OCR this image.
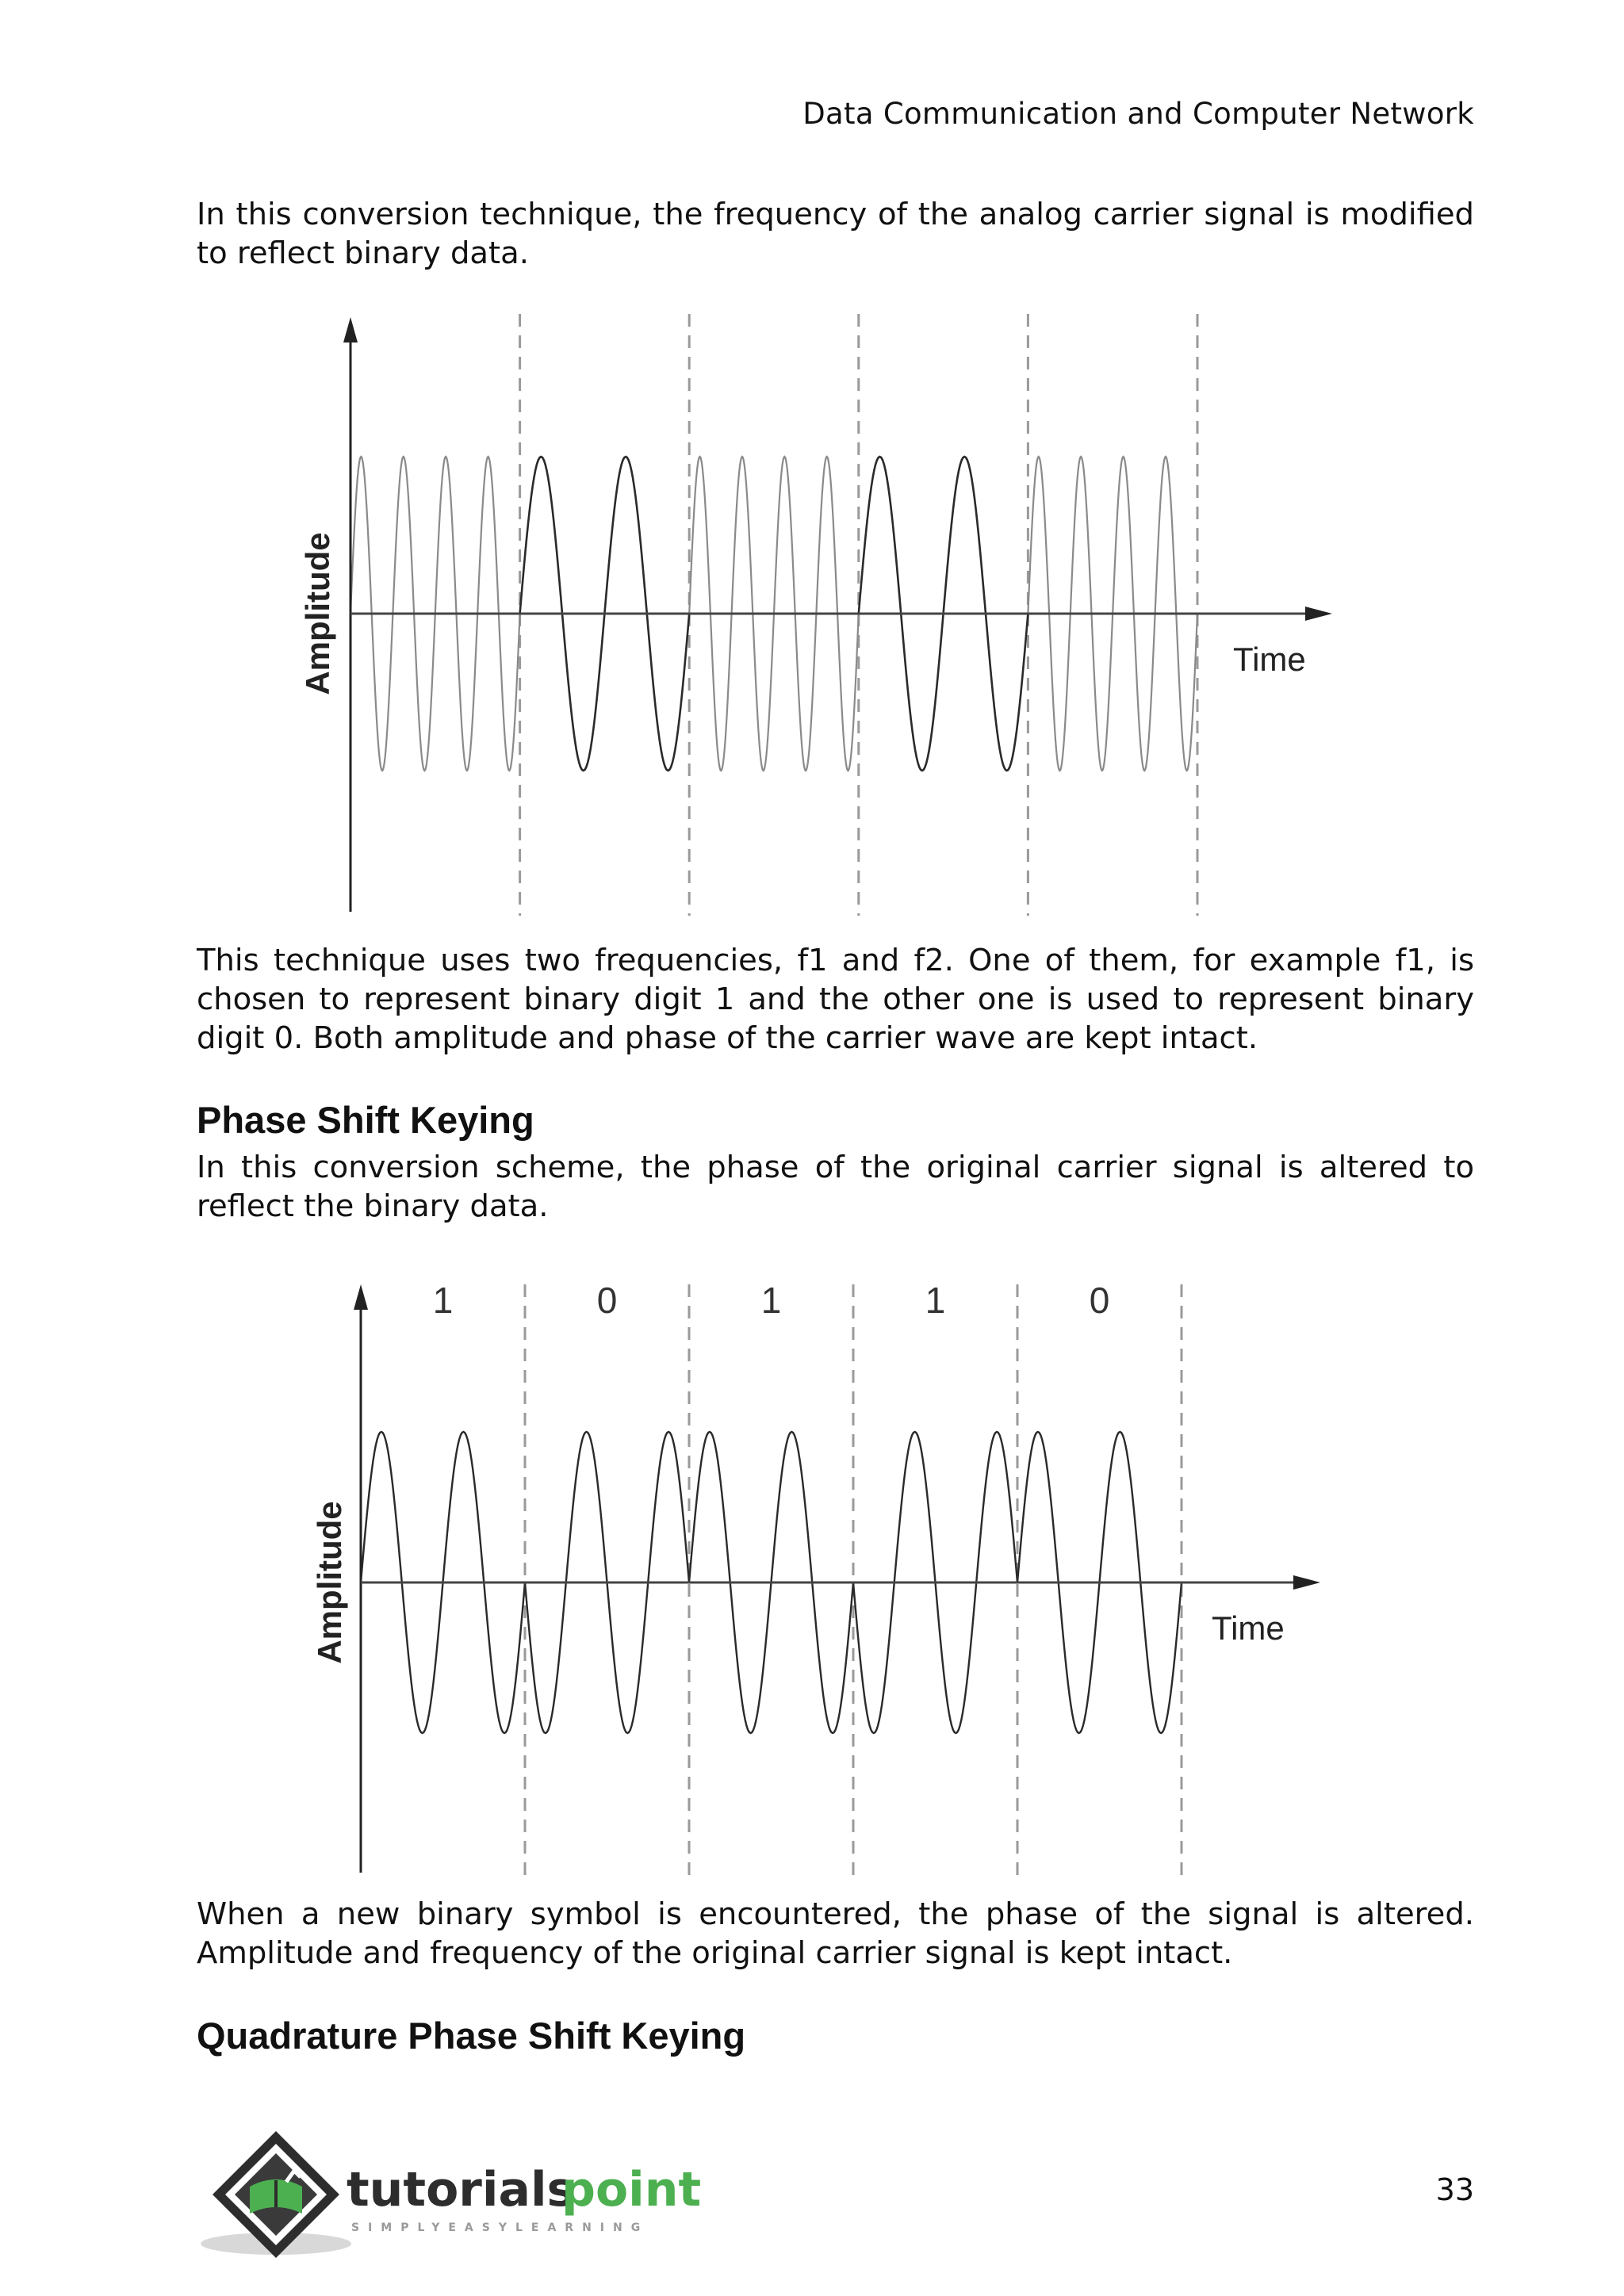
Data Communication and Computer Network

In this conversion technique, the frequency of the analog carrier signal is modified to reflect binary data.

Amplitude	Time

This technique uses two frequencies, f1 and f2. One of them, for example f1, is chosen to represent binary digit 1 and the other one is used to represent binary digit 0. Both amplitude and phase of the carrier wave are kept intact.

Phase Shift Keying

In this conversion scheme, the phase of the original carrier signal is altered to reflect the binary data.

1	0	1	1	0
Amplitude	Time

When a new binary symbol is encountered, the phase of the signal is altered. Amplitude and frequency of the original carrier signal is kept intact.

Quadrature Phase Shift Keying
tutorials
point
SIMPLYEASYLEARNING
33
